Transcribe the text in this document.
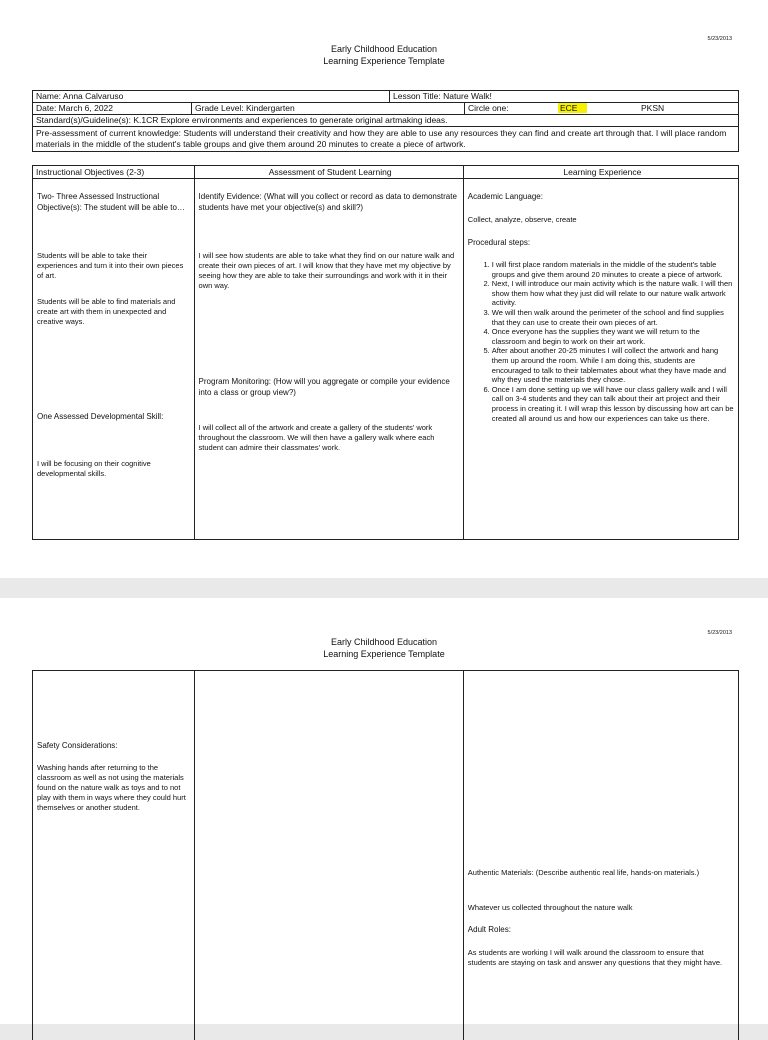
5/23/2013
Early Childhood Education
Learning Experience Template
Name: Anna Calvaruso	Lesson Title: Nature Walk!
Date: March 6, 2022	Grade Level: Kindergarten	Circle one:	ECE	PKSN
Standard(s)/Guideline(s): K.1CR Explore environments and experiences to generate original artmaking ideas.
Pre-assessment of current knowledge: Students will understand their creativity and how they are able to use any resources they can find and create art through that. I will place random materials in the middle of the student's table groups and give them around 20 minutes to create a piece of artwork.
Instructional Objectives (2-3)	Assessment of Student Learning	Learning Experience
Two- Three Assessed Instructional Objective(s): The student will be able to…
Students will be able to take their experiences and turn it into their own pieces of art.
Students will be able to find materials and create art with them in unexpected and creative ways.
One Assessed Developmental Skill:
I will be focusing on their cognitive developmental skills.
Identify Evidence: (What will you collect or record as data to demonstrate students have met your objective(s) and skill?)
I will see how students are able to take what they find on our nature walk and create their own pieces of art. I will know that they have met my objective by seeing how they are able to take their surroundings and work with it in their own way.
Program Monitoring: (How will you aggregate or compile your evidence into a class or group view?)
I will collect all of the artwork and create a gallery of the students' work throughout the classroom. We will then have a gallery walk where each student can admire their classmates' work.
Academic Language:
Collect, analyze, observe, create
Procedural steps:
1. I will first place random materials in the middle of the student's table groups and give them around 20 minutes to create a piece of artwork.
2. Next, I will introduce our main activity which is the nature walk. I will then show them how what they just did will relate to our nature walk artwork activity.
3. We will then walk around the perimeter of the school and find supplies that they can use to create their own pieces of art.
4. Once everyone has the supplies they want we will return to the classroom and begin to work on their art work.
5. After about another 20-25 minutes I will collect the artwork and hang them up around the room. While I am doing this, students are encouraged to talk to their tablemates about what they have made and why they used the materials they chose.
6. Once I am done setting up we will have our class gallery walk and I will call on 3-4 students and they can talk about their art project and their process in creating it. I will wrap this lesson by discussing how art can be created all around us and how our experiences can take us there.
5/23/2013
Early Childhood Education
Learning Experience Template
Safety Considerations:
Washing hands after returning to the classroom as well as not using the materials found on the nature walk as toys and to not play with them in ways where they could hurt themselves or another student.
Authentic Materials: (Describe authentic real life, hands-on materials.)
Whatever us collected throughout the nature walk
Adult Roles:
As students are working I will walk around the classroom to ensure that students are staying on task and answer any questions that they might have.
